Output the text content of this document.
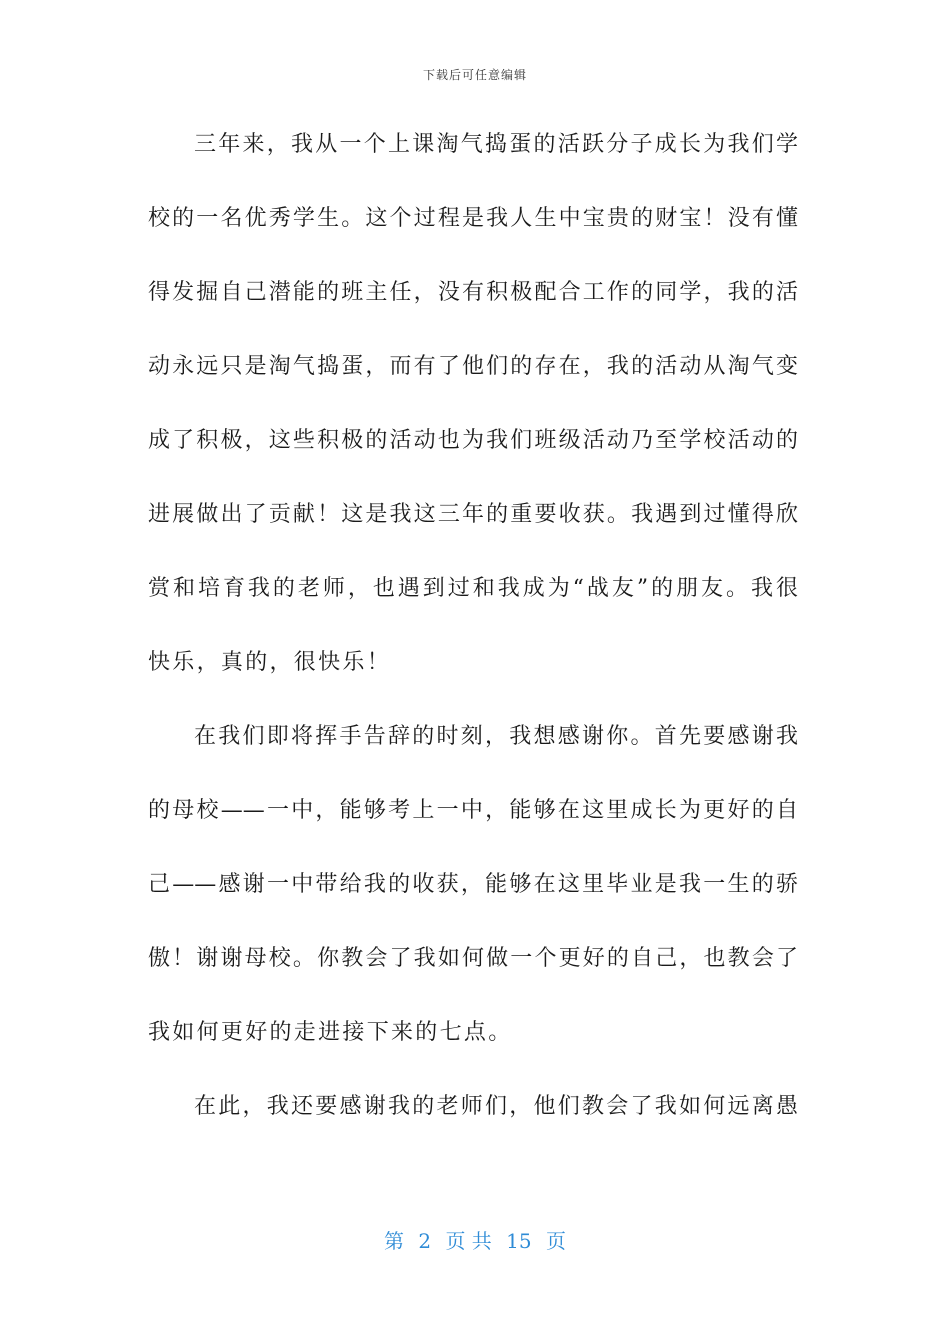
下载后可任意编辑
三年来，我从一个上课淘气捣蛋的活跃分子成长为我们学
校的一名优秀学生。这个过程是我人生中宝贵的财宝！没有懂
得发掘自己潜能的班主任，没有积极配合工作的同学，我的活
动永远只是淘气捣蛋，而有了他们的存在，我的活动从淘气变
成了积极，这些积极的活动也为我们班级活动乃至学校活动的
进展做出了贡献！这是我这三年的重要收获。我遇到过懂得欣
赏和培育我的老师，也遇到过和我成为“战友”的朋友。我很
快乐，真的，很快乐！
在我们即将挥手告辞的时刻，我想感谢你。首先要感谢我
的母校——一中，能够考上一中，能够在这里成长为更好的自
己——感谢一中带给我的收获，能够在这里毕业是我一生的骄
傲！谢谢母校。你教会了我如何做一个更好的自己，也教会了
我如何更好的走进接下来的七点。
在此，我还要感谢我的老师们，他们教会了我如何远离愚
第 2 页 共 15 页
